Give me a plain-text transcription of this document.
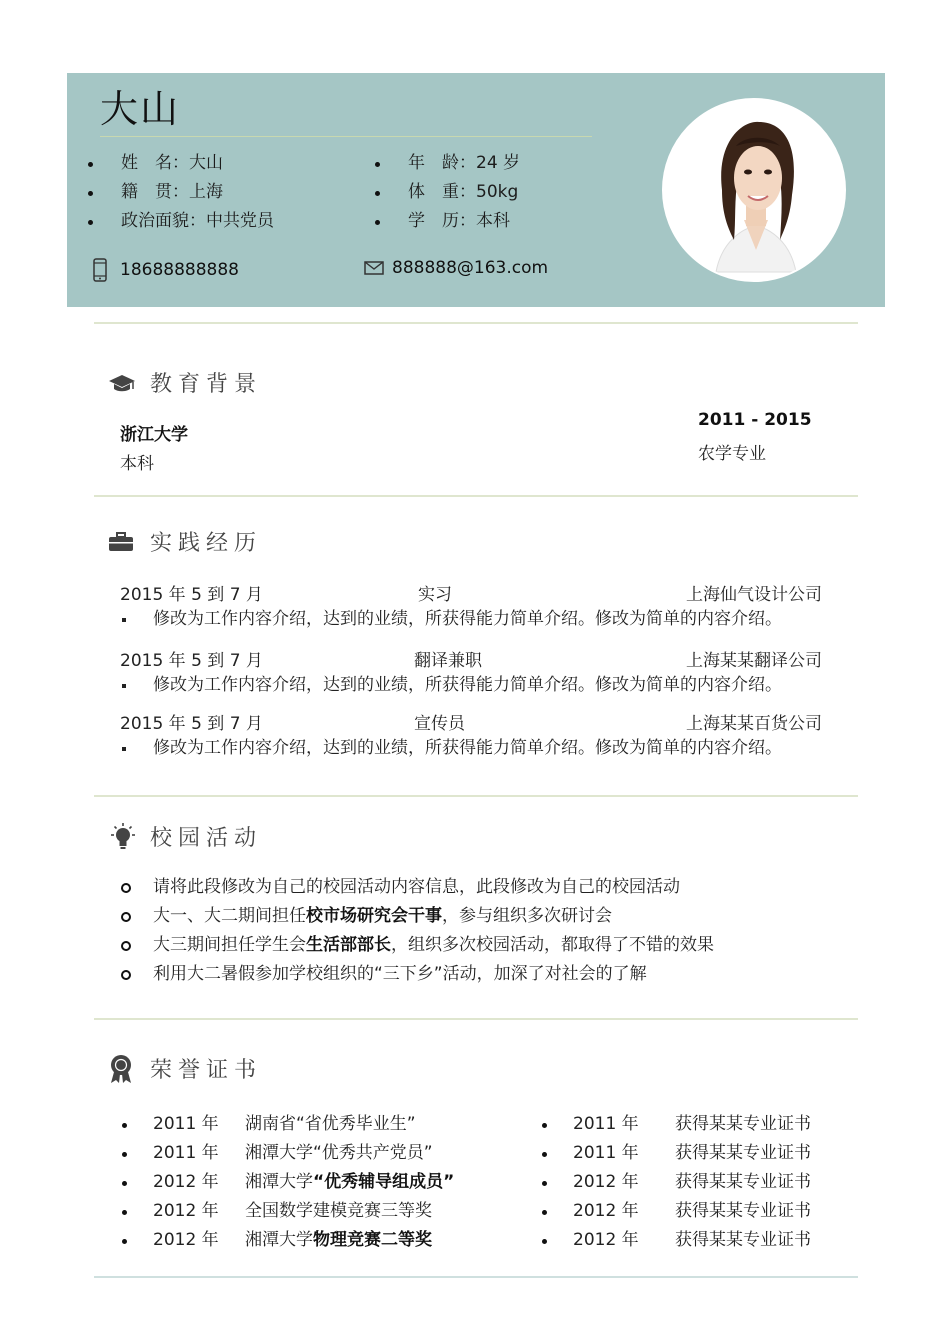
大山
姓　名：大山
籍　贯：上海
政治面貌：中共党员
年　龄：24 岁
体　重：50kg
学　历：本科
18688888888	888888@163.com
教育背景
浙江大学
本科
2011 - 2015
农学专业
实践经历
2015 年 5 到 7 月	实习	上海仙气设计公司
修改为工作内容介绍，达到的业绩，所获得能力简单介绍。修改为简单的内容介绍。
2015 年 5 到 7 月	翻译兼职	上海某某翻译公司
修改为工作内容介绍，达到的业绩，所获得能力简单介绍。修改为简单的内容介绍。
2015 年 5 到 7 月	宣传员	上海某某百货公司
修改为工作内容介绍，达到的业绩，所获得能力简单介绍。修改为简单的内容介绍。
校园活动
请将此段修改为自己的校园活动内容信息，此段修改为自己的校园活动
大一、大二期间担任校市场研究会干事，参与组织多次研讨会
大三期间担任学生会生活部部长，组织多次校园活动，都取得了不错的效果
利用大二暑假参加学校组织的“三下乡”活动，加深了对社会的了解
荣誉证书
2011 年 湖南省“省优秀毕业生”
2011 年 湘潭大学“优秀共产党员”
2012 年 湘潭大学“优秀辅导组成员”
2012 年 全国数学建模竞赛三等奖
2012 年 湘潭大学物理竞赛二等奖
2011 年 获得某某专业证书
2011 年 获得某某专业证书
2012 年 获得某某专业证书
2012 年 获得某某专业证书
2012 年 获得某某专业证书
